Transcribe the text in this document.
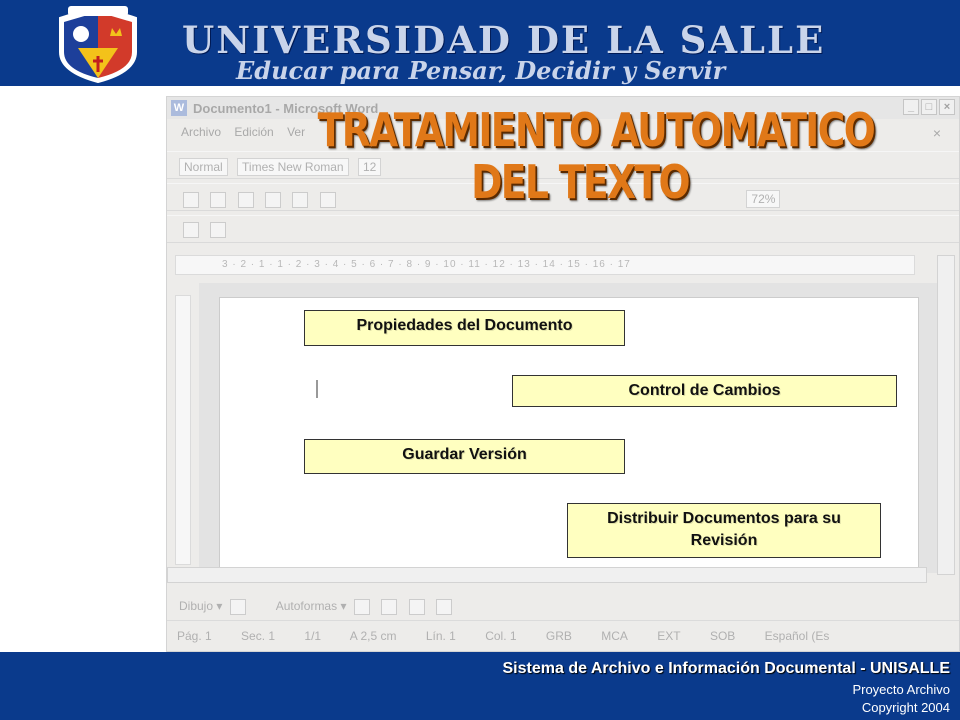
UNIVERSIDAD DE LA SALLE
Educar para Pensar, Decidir y Servir
W Documento1 - Microsoft Word	_	□	×
Archivo Edición Ver	×
Normal Times New Roman 12
72%

3 · 2 · 1 · 1 · 2 · 3 · 4 · 5 · 6 · 7 · 8 · 9 · 10 · 11 · 12 · 13 · 14 · 15 · 16 · 17
Dibujo ▾	Autoformas ▾
Pág. 1 Sec. 1 1/1 A 2,5 cm Lín. 1 Col. 1 GRB MCA EXT SOB Español (Es
TRATAMIENTO AUTOMATICO
DEL TEXTO
Propiedades del Documento
Control de Cambios
Guardar Versión
Distribuir Documentos para su Revisión
Sistema de Archivo e Información Documental - UNISALLE
Proyecto Archivo
Copyright 2004
